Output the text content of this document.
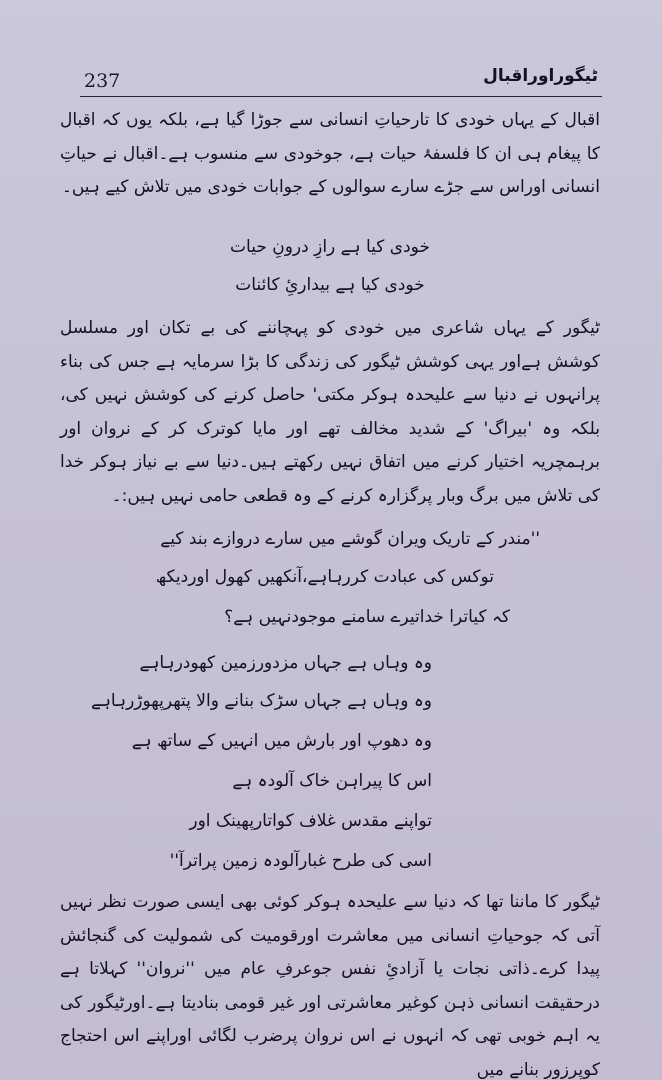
237	ٹیگوراوراقبال

اقبال کے یہاں خودی کا تارحیاتِ انسانی سے جوڑا گیا ہے، بلکہ یوں کہ اقبال کا پیغام ہی ان کا فلسفۂ حیات ہے، جوخودی سے منسوب ہے۔اقبال نے حیاتِ انسانی اوراس سے جڑے سارے سوالوں کے جوابات خودی میں تلاش کیے ہیں۔

خودی کیا ہے رازِ درونِ حیات
خودی کیا ہے بیداریِٔ کائنات

ٹیگور کے یہاں شاعری میں خودی کو پہچاننے کی بے تکان اور مسلسل کوشش ہےاور یہی کوشش ٹیگور کی زندگی کا بڑا سرمایہ ہے جس کی بناء پرانہوں نے دنیا سے علیحدہ ہوکر مکتی' حاصل کرنے کی کوشش نہیں کی، بلکہ وہ 'بیراگ' کے شدید مخالف تھے اور مایا کوترک کر کے نروان اور برہمچریہ اختیار کرنے میں اتفاق نہیں رکھتے ہیں۔دنیا سے بے نیاز ہوکر خدا کی تلاش میں برگ وبار پرگزارہ کرنے کے وہ قطعی حامی نہیں ہیں:۔

''مندر کے تاریک ویران گوشے میں سارے دروازے بند کیے
توکس کی عبادت کررہاہے،آنکھیں کھول اوردیکھ
کہ کیاترا خداتیرے سامنے موجودنہیں ہے؟
وہ وہاں ہے جہاں مزدورزمین کھودرہاہے
وہ وہاں ہے جہاں سڑک بنانے والا پتھرپھوڑرہاہے
وہ دھوپ اور بارش میں انہیں کے ساتھ ہے
اس کا پیراہن خاک آلودہ ہے
تواپنے مقدس غلاف کواتارپھینک اور
اسی کی طرح غبارآلودہ زمین پراترآ''

ٹیگور کا ماننا تھا کہ دنیا سے علیحدہ ہوکر کوئی بھی ایسی صورت نظر نہیں آتی کہ جوحیاتِ انسانی میں معاشرت اورقومیت کی شمولیت کی گنجائش پیدا کرے۔ذاتی نجات یا آزادیِٔ نفس جوعرفِ عام میں ''نروان'' کہلاتا ہے درحقیقت انسانی ذہن کوغیر معاشرتی اور غیر قومی بنادیتا ہے۔اورٹیگور کی یہ اہم خوبی تھی کہ انہوں نے اس نروان پرضرب لگائی اوراپنے اس احتجاج کوپرزور بنانے میں
